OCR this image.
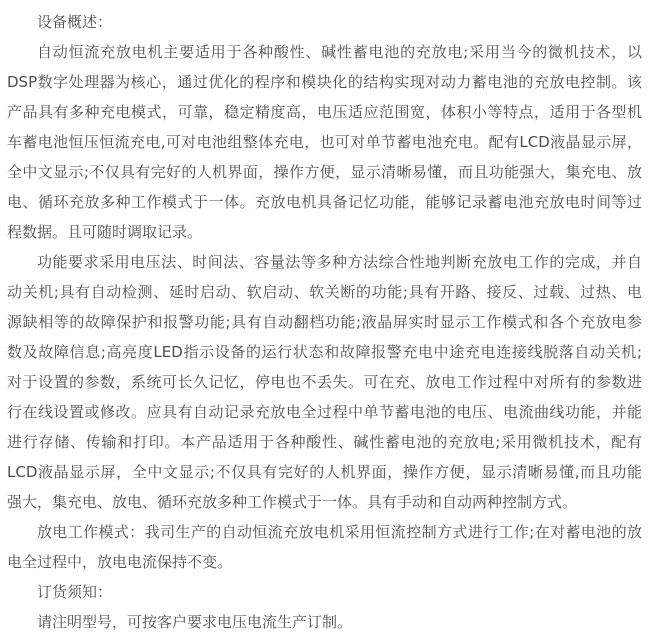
设备概述：
自动恒流充放电机主要适用于各种酸性、碱性蓄电池的充放电;采用当今的微机技术，以
DSP数字处理器为核心，通过优化的程序和模块化的结构实现对动力蓄电池的充放电控制。该
产品具有多种充电模式，可靠，稳定精度高，电压适应范围宽，体积小等特点，适用于各型机
车蓄电池恒压恒流充电,可对电池组整体充电，也可对单节蓄电池充电。配有LCD液晶显示屏，
全中文显示;不仅具有完好的人机界面，操作方便，显示清晰易懂，而且功能强大，集充电、放
电、循环充放多种工作模式于一体。充放电机具备记忆功能，能够记录蓄电池充放电时间等过
程数据。且可随时调取记录。
功能要求采用电压法、时间法、容量法等多种方法综合性地判断充放电工作的完成，并自
动关机;具有自动检测、延时启动、软启动、软关断的功能;具有开路、接反、过载、过热、电
源缺相等的故障保护和报警功能;具有自动翻档功能;液晶屏实时显示工作模式和各个充放电参
数及故障信息;高亮度LED指示设备的运行状态和故障报警充电中途充电连接线脱落自动关机;
对于设置的参数，系统可长久记忆，停电也不丢失。可在充、放电工作过程中对所有的参数进
行在线设置或修改。应具有自动记录充放电全过程中单节蓄电池的电压、电流曲线功能，并能
进行存储、传输和打印。本产品适用于各种酸性、碱性蓄电池的充放电;采用微机技术，配有
LCD液晶显示屏，全中文显示;不仅具有完好的人机界面，操作方便，显示清晰易懂,而且功能
强大，集充电、放电、循环充放多种工作模式于一体。具有手动和自动两种控制方式。
放电工作模式：我司生产的自动恒流充放电机采用恒流控制方式进行工作;在对蓄电池的放
电全过程中，放电电流保持不变。
订货须知：
请注明型号，可按客户要求电压电流生产订制。
